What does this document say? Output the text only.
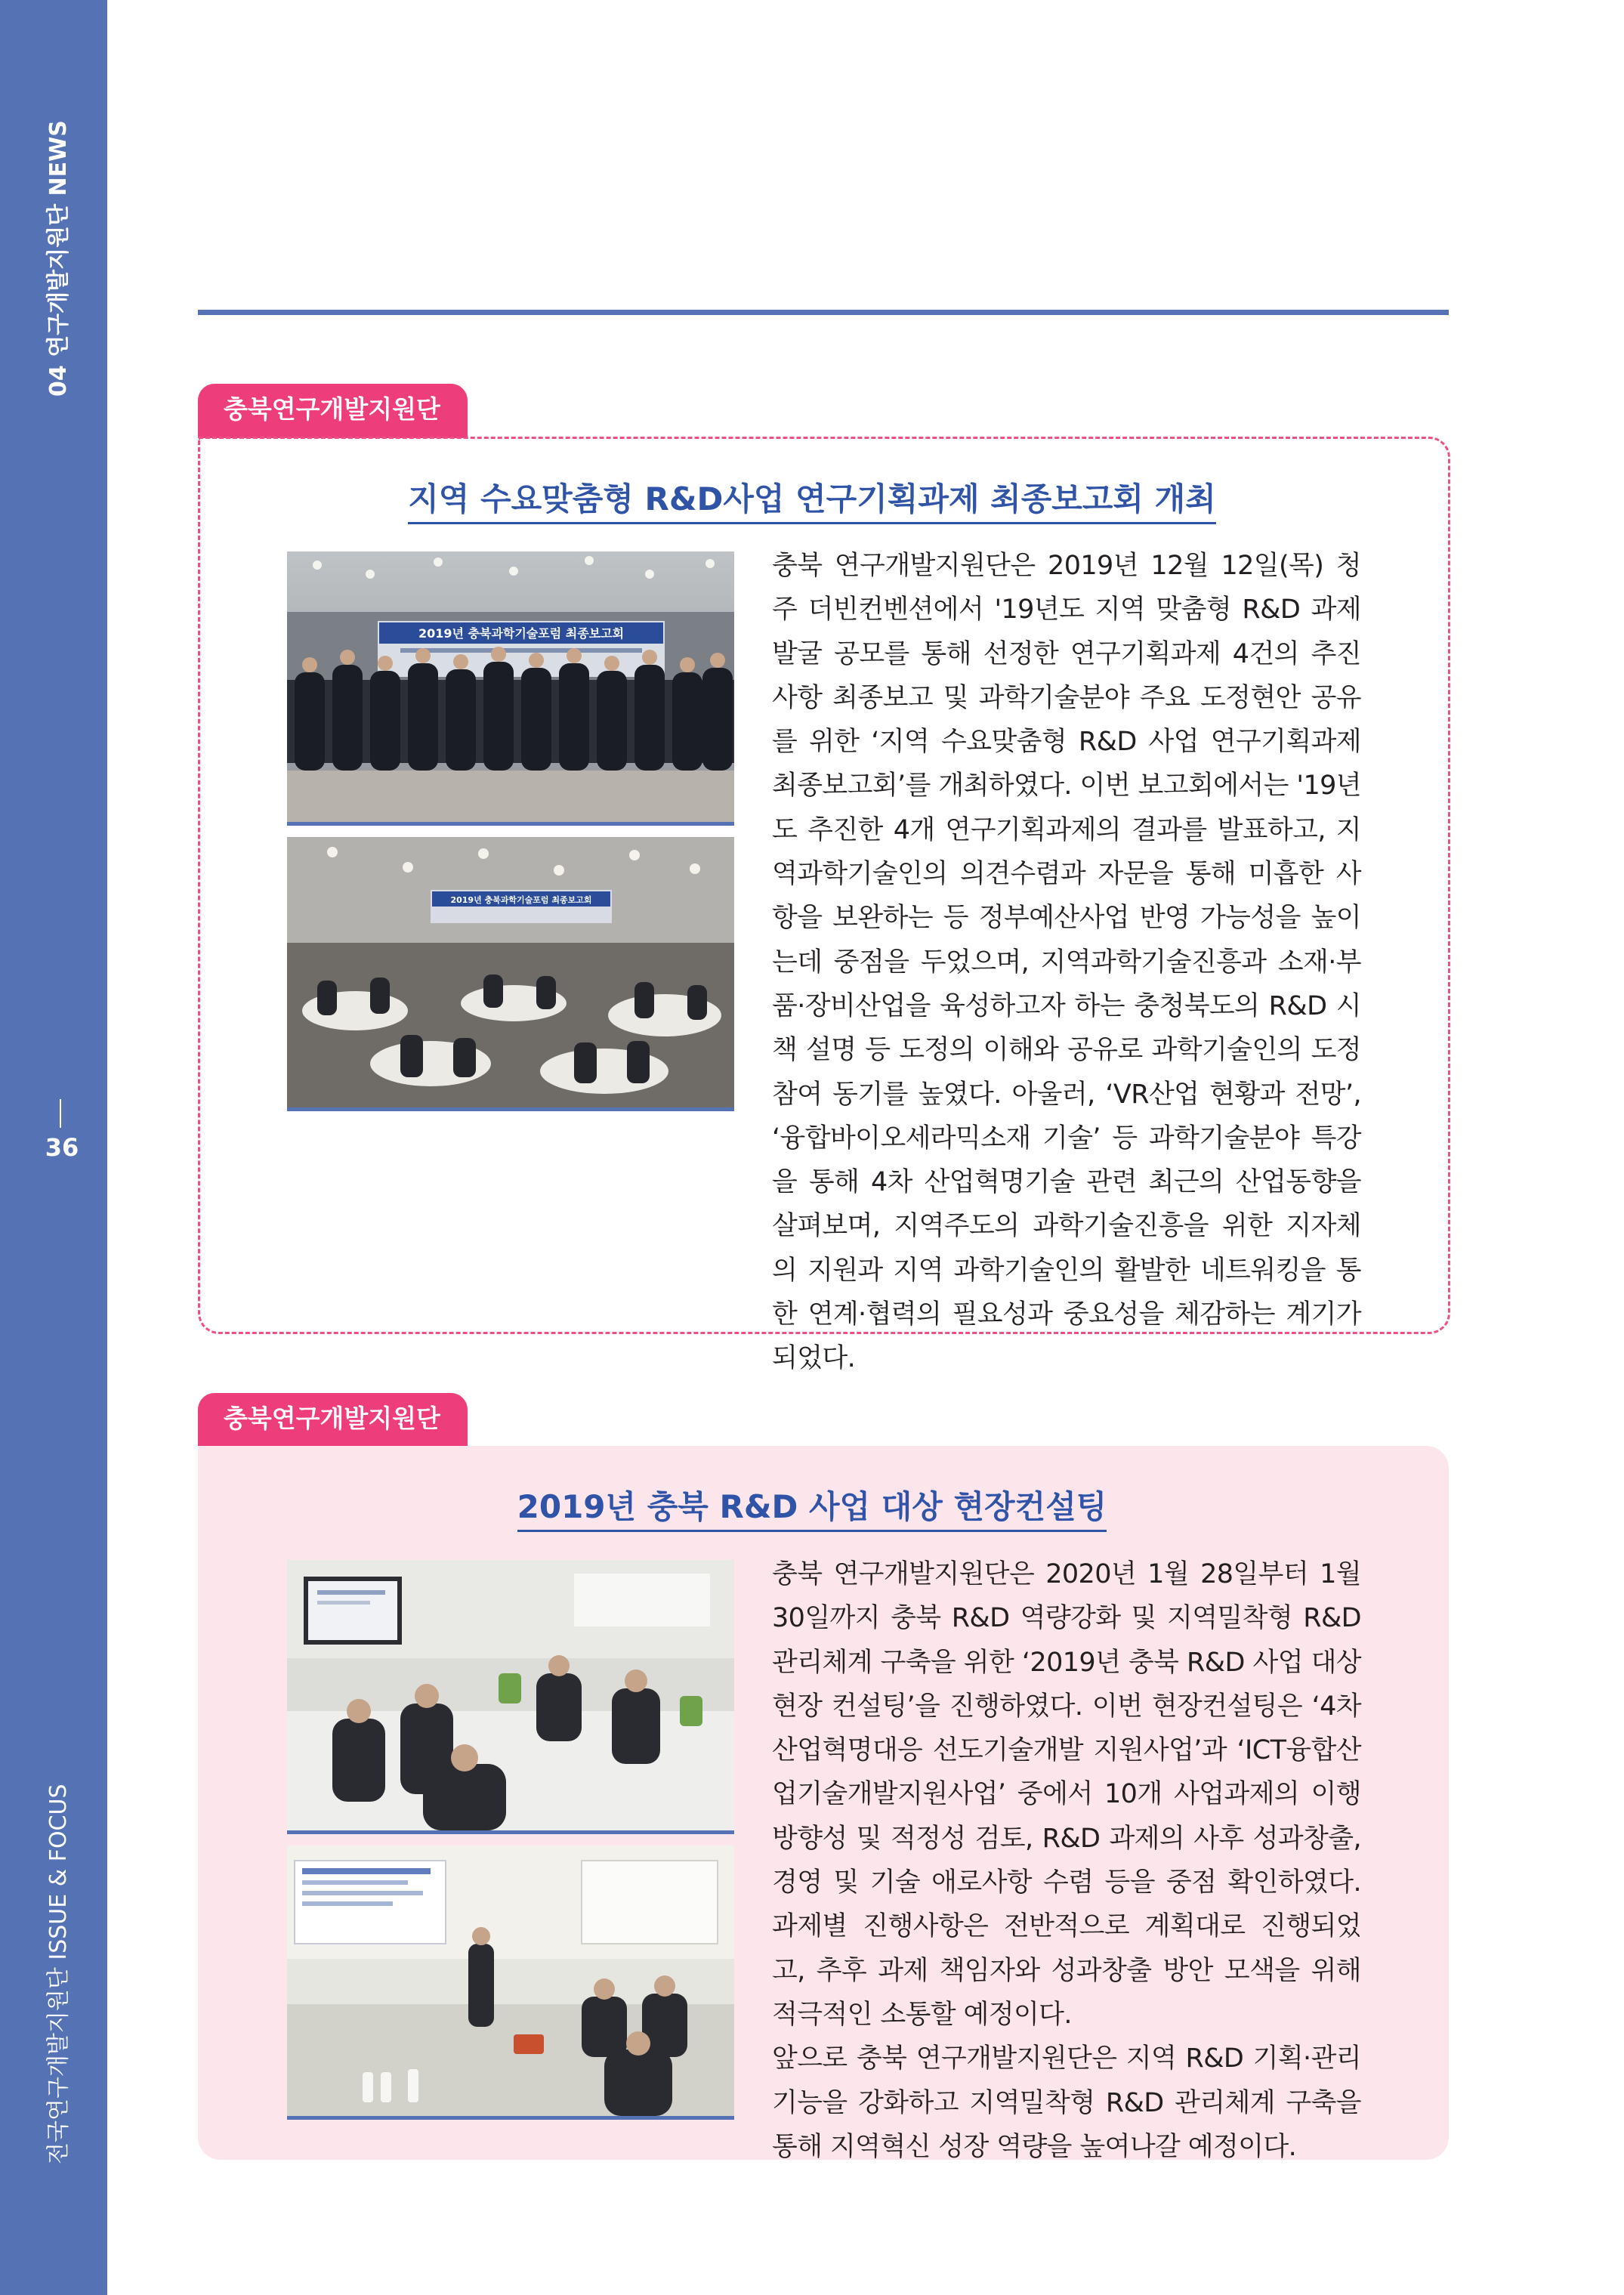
04 연구개발지원단 NEWS
36
전국연구개발지원단 ISSUE & FOCUS
충북연구개발지원단
지역 수요맞춤형 R&D사업 연구기획과제 최종보고회 개최
2019년 충북과학기술포럼 최종보고회
2019년 충북과학기술포럼 최종보고회

충북 연구개발지원단은 2019년 12월 12일(목) 청주 더빈컨벤션에서 '19년도 지역 맞춤형 R&D 과제 발굴 공모를 통해 선정한 연구기획과제 4건의 추진사항 최종보고 및 과학기술분야 주요 도정현안 공유를 위한 ‘지역 수요맞춤형 R&D 사업 연구기획과제 최종보고회’를 개최하였다. 이번 보고회에서는 '19년도 추진한 4개 연구기획과제의 결과를 발표하고, 지역과학기술인의 의견수렴과 자문을 통해 미흡한 사항을 보완하는 등 정부예산사업 반영 가능성을 높이는데 중점을 두었으며, 지역과학기술진흥과 소재·부품·장비산업을 육성하고자 하는 충청북도의 R&D 시책 설명 등 도정의 이해와 공유로 과학기술인의 도정참여 동기를 높였다. 아울러, ‘VR산업 현황과 전망’, ‘융합바이오세라믹소재 기술’ 등 과학기술분야 특강을 통해 4차 산업혁명기술 관련 최근의 산업동향을 살펴보며, 지역주도의 과학기술진흥을 위한 지자체의 지원과 지역 과학기술인의 활발한 네트워킹을 통한 연계·협력의 필요성과 중요성을 체감하는 계기가 되었다.

충북연구개발지원단
2019년 충북 R&D 사업 대상 현장컨설팅

충북 연구개발지원단은 2020년 1월 28일부터 1월 30일까지 충북 R&D 역량강화 및 지역밀착형 R&D 관리체계 구축을 위한 ‘2019년 충북 R&D 사업 대상 현장 컨설팅’을 진행하였다. 이번 현장컨설팅은 ‘4차 산업혁명대응 선도기술개발 지원사업’과 ‘ICT융합산업기술개발지원사업’ 중에서 10개 사업과제의 이행 방향성 및 적정성 검토, R&D 과제의 사후 성과창출, 경영 및 기술 애로사항 수렴 등을 중점 확인하였다. 과제별 진행사항은 전반적으로 계획대로 진행되었고, 추후 과제 책임자와 성과창출 방안 모색을 위해 적극적인 소통할 예정이다.

앞으로 충북 연구개발지원단은 지역 R&D 기획·관리기능을 강화하고 지역밀착형 R&D 관리체계 구축을 통해 지역혁신 성장 역량을 높여나갈 예정이다.
